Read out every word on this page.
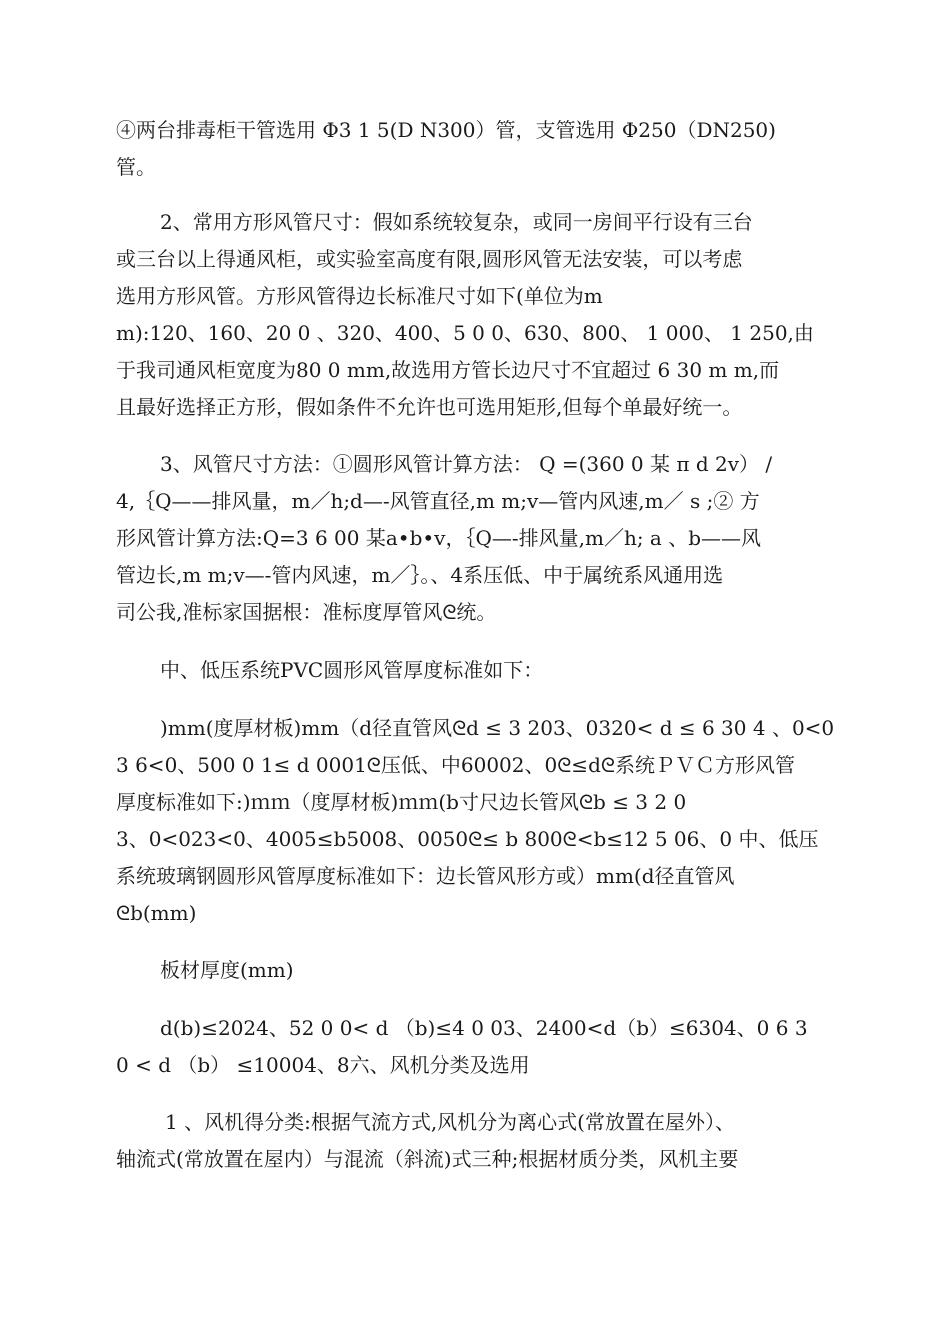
④两台排毒柜干管选用 Φ3 1 5(D N300）管，支管选用 Φ250（DN250)
管。
2、常用方形风管尺寸：假如系统较复杂，或同一房间平行设有三台
或三台以上得通风柜，或实验室高度有限,圆形风管无法安装，可以考虑
选用方形风管。方形风管得边长标准尺寸如下(单位为m
m):120、160、20 0 、320、400、5 0 0、630、800、 1 000、 1 250,由
于我司通风柜宽度为80 0 mm,故选用方管长边尺寸不宜超过 6 30 m m,而
且最好选择正方形，假如条件不允许也可选用矩形,但每个单最好统一。
3、风管尺寸方法：①圆形风管计算方法： Q =(360 0 某 π d 2v） /
4,｛Q——排风量，m／h;d—-风管直径,m m;v—管内风速,m／ s ;② 方
形风管计算方法:Q=3 6 00 某a•b•v，｛Q—-排风量,m／h; a 、b——风
管边长,m m;v—-管内风速，m／｝。、4系压低、中于属统系风通用选
司公我,准标家国据根：准标度厚管风ᘓ统。
中、低压系统PVC圆形风管厚度标准如下：
)mm(度厚材板)mm（d径直管风ᘓd ≤ 3 203、0320< d ≤ 6 30 4 、0<0
3 6<0、500 0 1≤ d 0001ᘓ压低、中60002、0ᘓ≤dᘓ系统ＰＶＣ方形风管
厚度标准如下:)ｍｍ（度厚材板)ｍｍ(b寸尺边长管风ᘓb ≤ 3 2 0
3、0<023<0、4005≤b5008、0050ᘓ≤ b 800ᘓ<b≤12 5 06、0 中、低压
系统玻璃钢圆形风管厚度标准如下：边长管风形方或）mm(d径直管风
ᘓb(mm)
板材厚度(mm)
d(b)≤2024、52 0 0< d （b)≤4 0 03、2400<d（b）≤6304、0 6 3
0 < d （b） ≤10004、8六、风机分类及选用
1 、风机得分类:根据气流方式,风机分为离心式(常放置在屋外）、
轴流式(常放置在屋内）与混流（斜流)式三种;根据材质分类，风机主要
